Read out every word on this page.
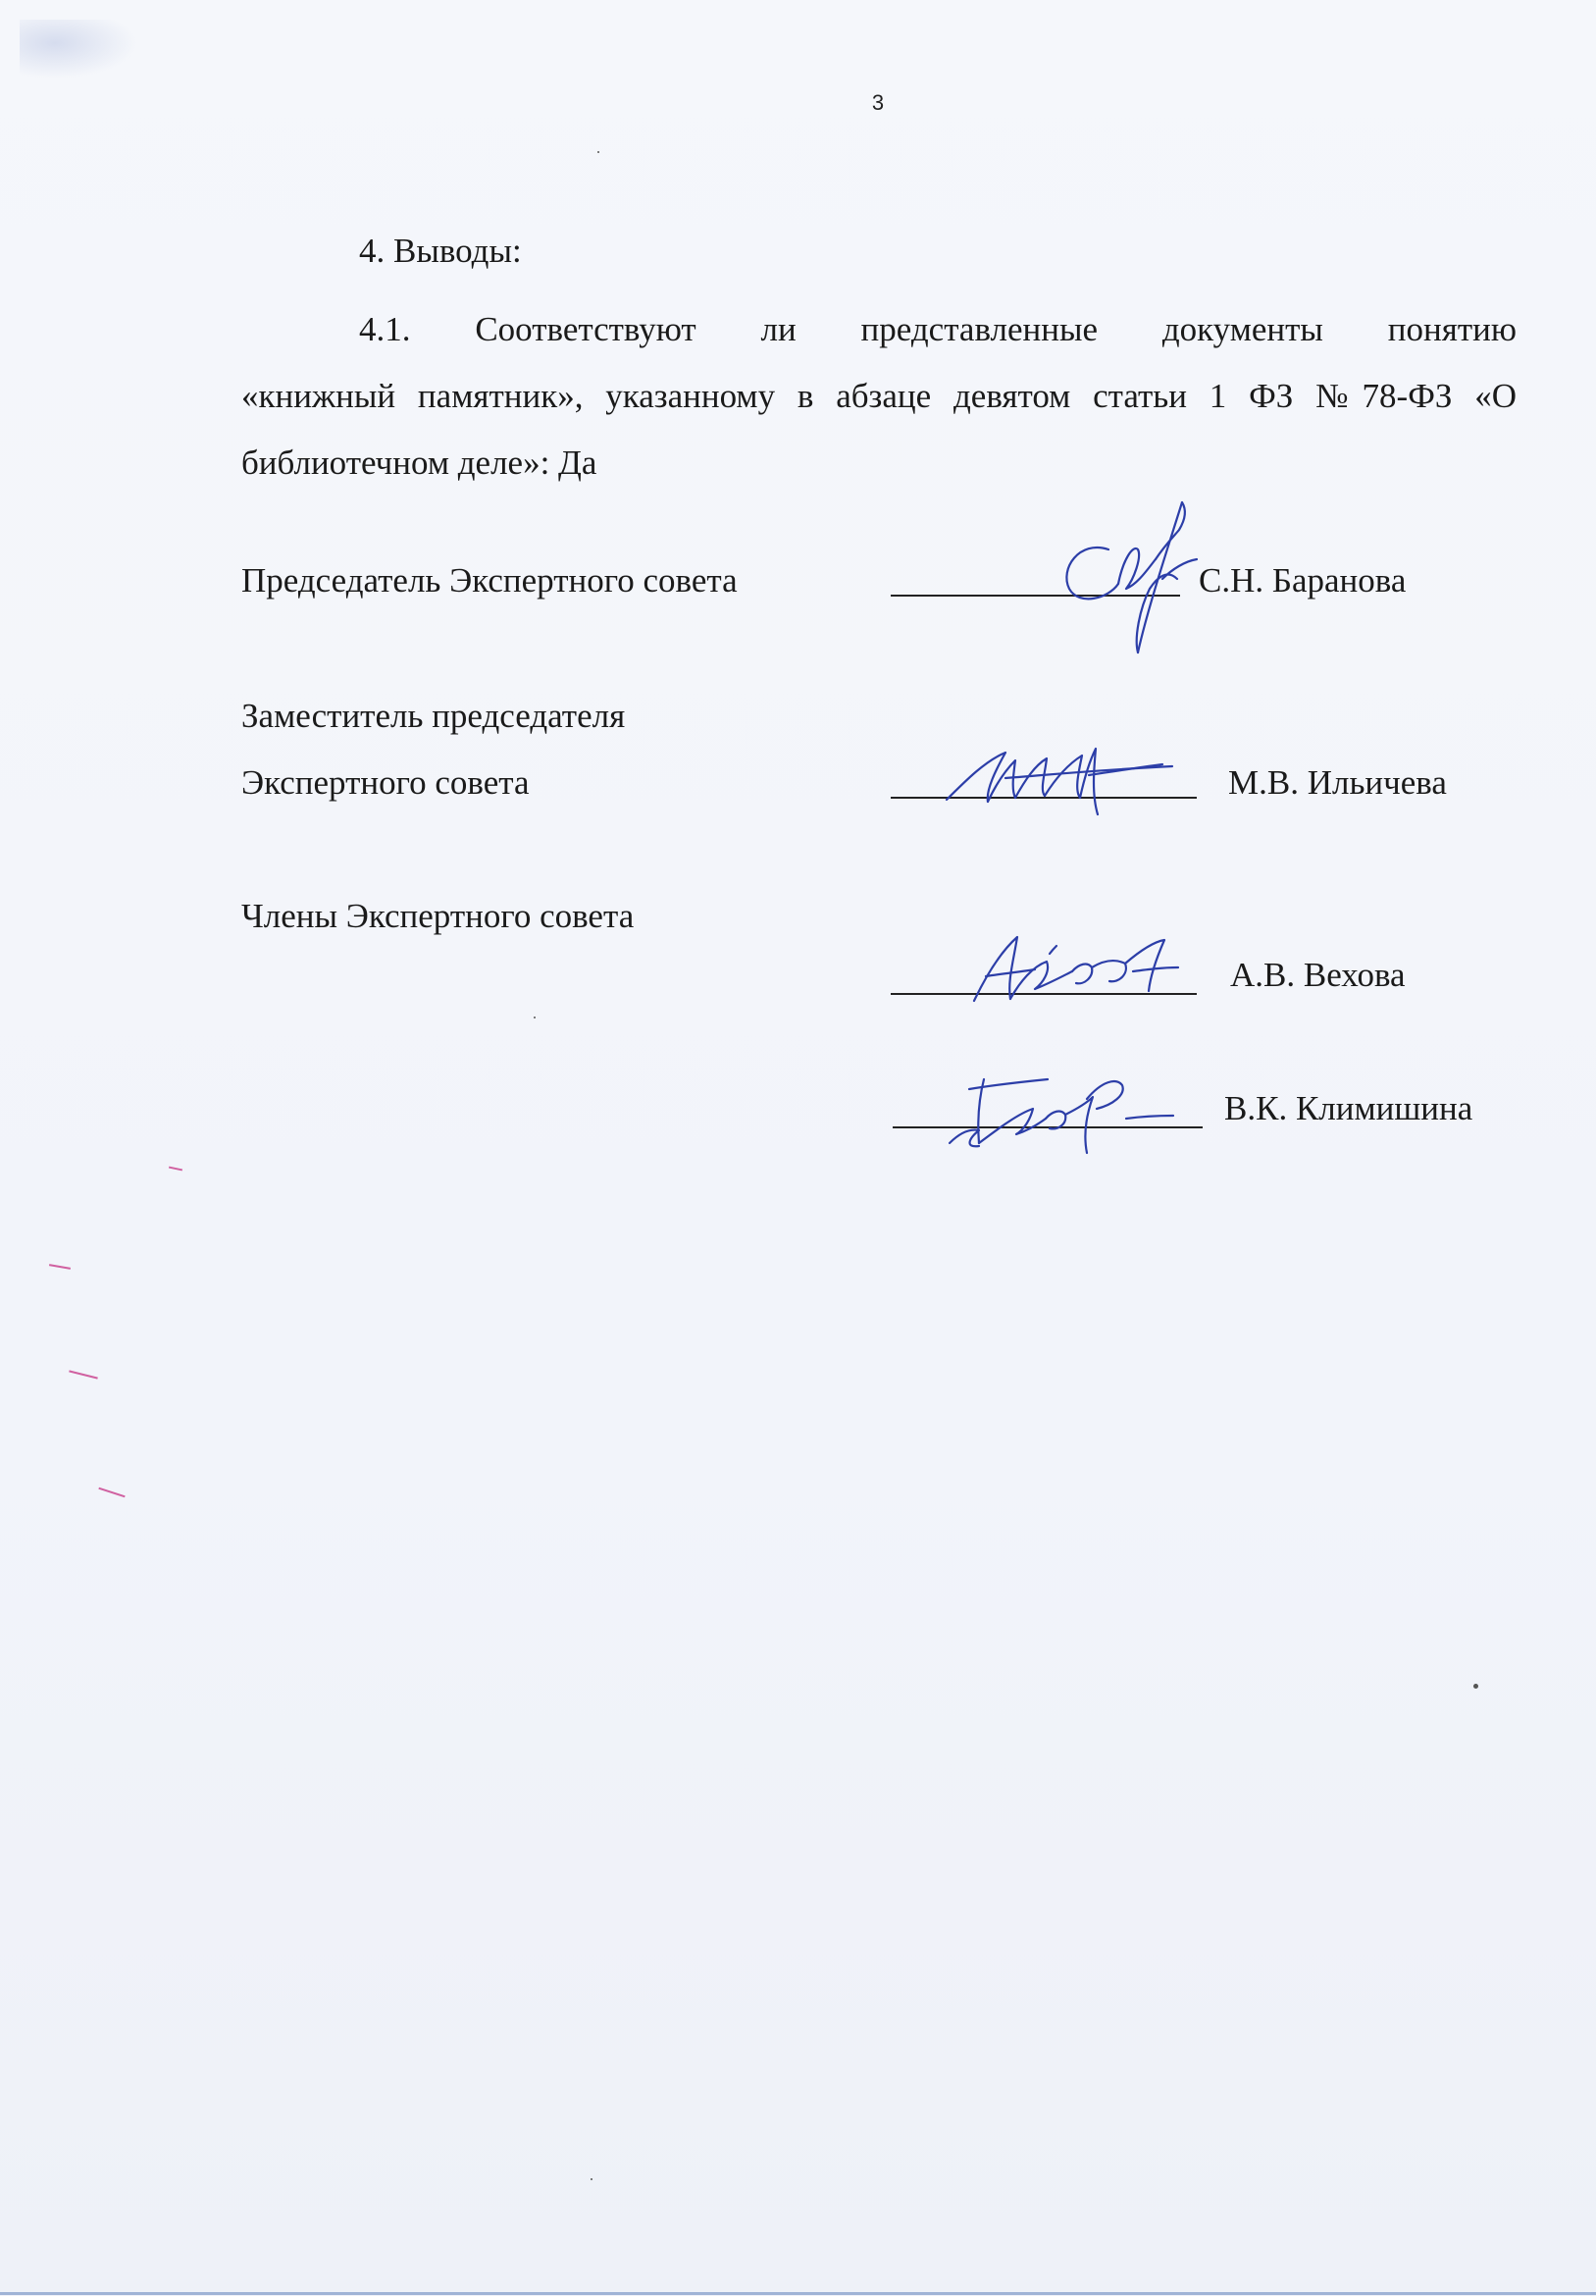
3
4. Выводы:
4.1. Соответствуют ли представленные документы понятию
«книжный памятник», указанному в абзаце девятом статьи 1 ФЗ №78-ФЗ «О
библиотечном деле»: Да
Председатель Экспертного совета	С.Н. Баранова
Заместитель председателя
Экспертного совета	М.В. Ильичева
Члены Экспертного совета
А.В. Вехова
В.К. Климишина
